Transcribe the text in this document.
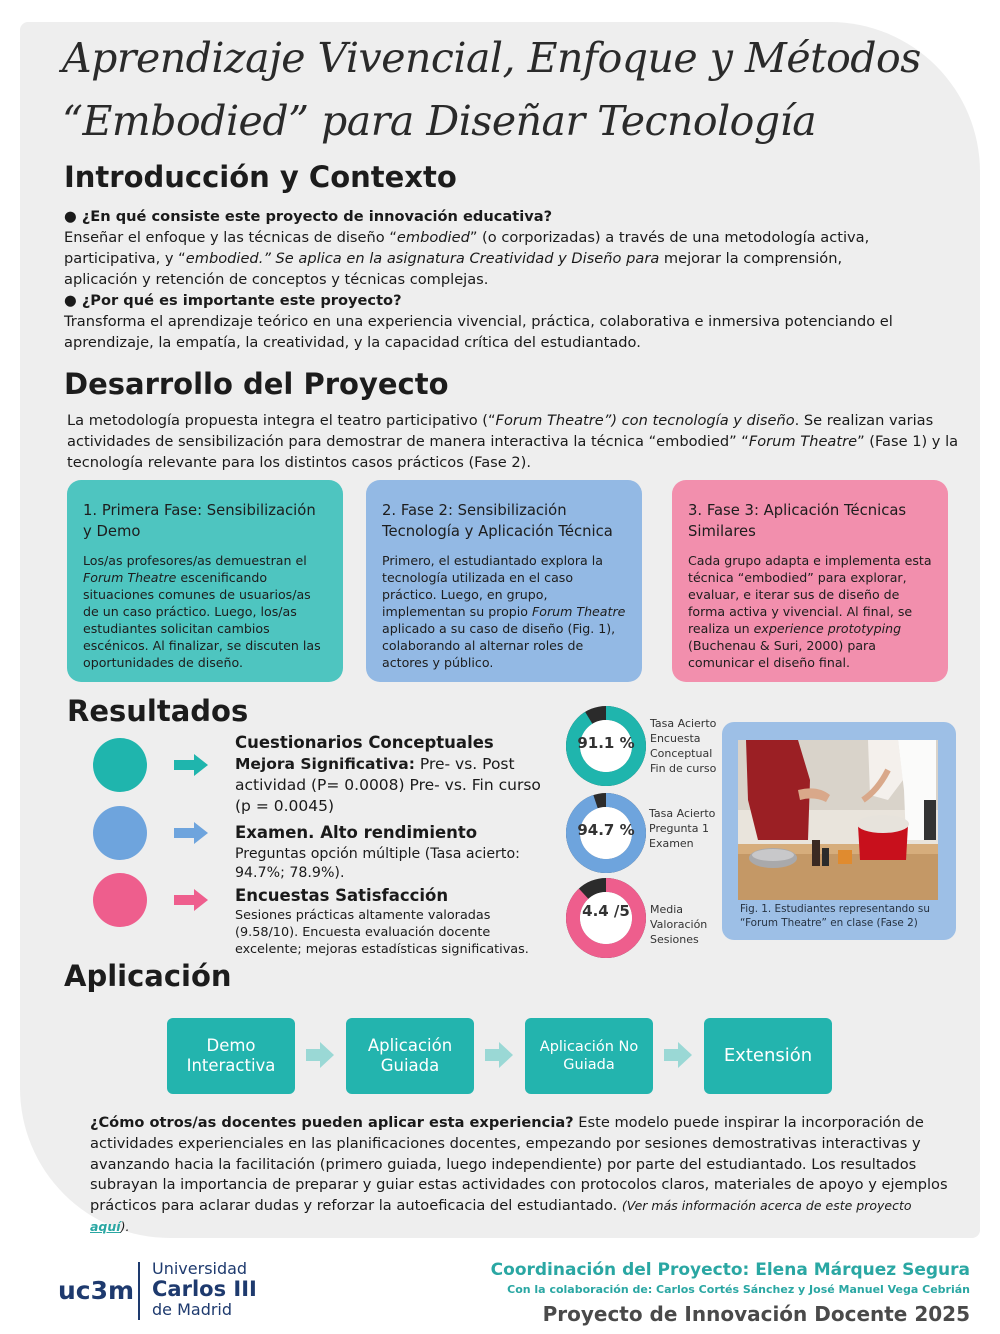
Aprendizaje Vivencial, Enfoque y Métodos
“Embodied” para Diseñar Tecnología
Introducción y Contexto
● ¿En qué consiste este proyecto de innovación educativa?
Enseñar el enfoque y las técnicas de diseño “embodied” (o corporizadas) a través de una metodología activa, participativa, y “embodied.” Se aplica en la asignatura Creatividad y Diseño para mejorar la comprensión, aplicación y retención de conceptos y técnicas complejas.
● ¿Por qué es importante este proyecto?
Transforma el aprendizaje teórico en una experiencia vivencial, práctica, colaborativa e inmersiva potenciando el aprendizaje, la empatía, la creatividad, y la capacidad crítica del estudiantado.
Desarrollo del Proyecto
La metodología propuesta integra el teatro participativo (“Forum Theatre”) con tecnología y diseño. Se realizan varias actividades de sensibilización para demostrar de manera interactiva la técnica “embodied” “Forum Theatre” (Fase 1) y la tecnología relevante para los distintos casos prácticos (Fase 2).
1. Primera Fase: Sensibilización y Demo
Los/as profesores/as demuestran el Forum Theatre escenificando situaciones comunes de usuarios/as de un caso práctico. Luego, los/as estudiantes solicitan cambios escénicos. Al finalizar, se discuten las oportunidades de diseño.
2. Fase 2: Sensibilización Tecnología y Aplicación Técnica
Primero, el estudiantado explora la tecnología utilizada en el caso práctico. Luego, en grupo, implementan su propio Forum Theatre aplicado a su caso de diseño (Fig. 1), colaborando al alternar roles de actores y público.
3. Fase 3: Aplicación Técnicas Similares
Cada grupo adapta e implementa esta técnica “embodied” para explorar, evaluar, e iterar sus de diseño de forma activa y vivencial. Al final, se realiza un experience prototyping (Buchenau & Suri, 2000) para comunicar el diseño final.
Resultados
Cuestionarios Conceptuales
Mejora Significativa: Pre- vs. Post actividad (P= 0.0008) Pre- vs. Fin curso (p = 0.0045)
Examen. Alto rendimiento
Preguntas opción múltiple (Tasa acierto: 94.7%; 78.9%).
Encuestas Satisfacción
Sesiones prácticas altamente valoradas (9.58/10). Encuesta evaluación docente excelente; mejoras estadísticas significativas.
91.1 %
Tasa Acierto Encuesta Conceptual Fin de curso
94.7 %
Tasa Acierto Pregunta 1 Examen
4.4 /5	Media Valoración Sesiones
Fig. 1. Estudiantes representando su “Forum Theatre” en clase (Fase 2)
Aplicación
Demo Interactiva
Aplicación Guiada
Aplicación No Guiada	Extensión
¿Cómo otros/as docentes pueden aplicar esta experiencia? Este modelo puede inspirar la incorporación de actividades experienciales en las planificaciones docentes, empezando por sesiones demostrativas interactivas y avanzando hacia la facilitación (primero guiada, luego independiente) por parte del estudiantado. Los resultados subrayan la importancia de preparar y guiar estas actividades con protocolos claros, materiales de apoyo y ejemplos prácticos para aclarar dudas y reforzar la autoeficacia del estudiantado. (Ver más información acerca de este proyecto aquí).
uc3m
Universidad
Carlos III
de Madrid
Coordinación del Proyecto: Elena Márquez Segura
Con la colaboración de: Carlos Cortés Sánchez y José Manuel Vega Cebrián
Proyecto de Innovación Docente 2025
